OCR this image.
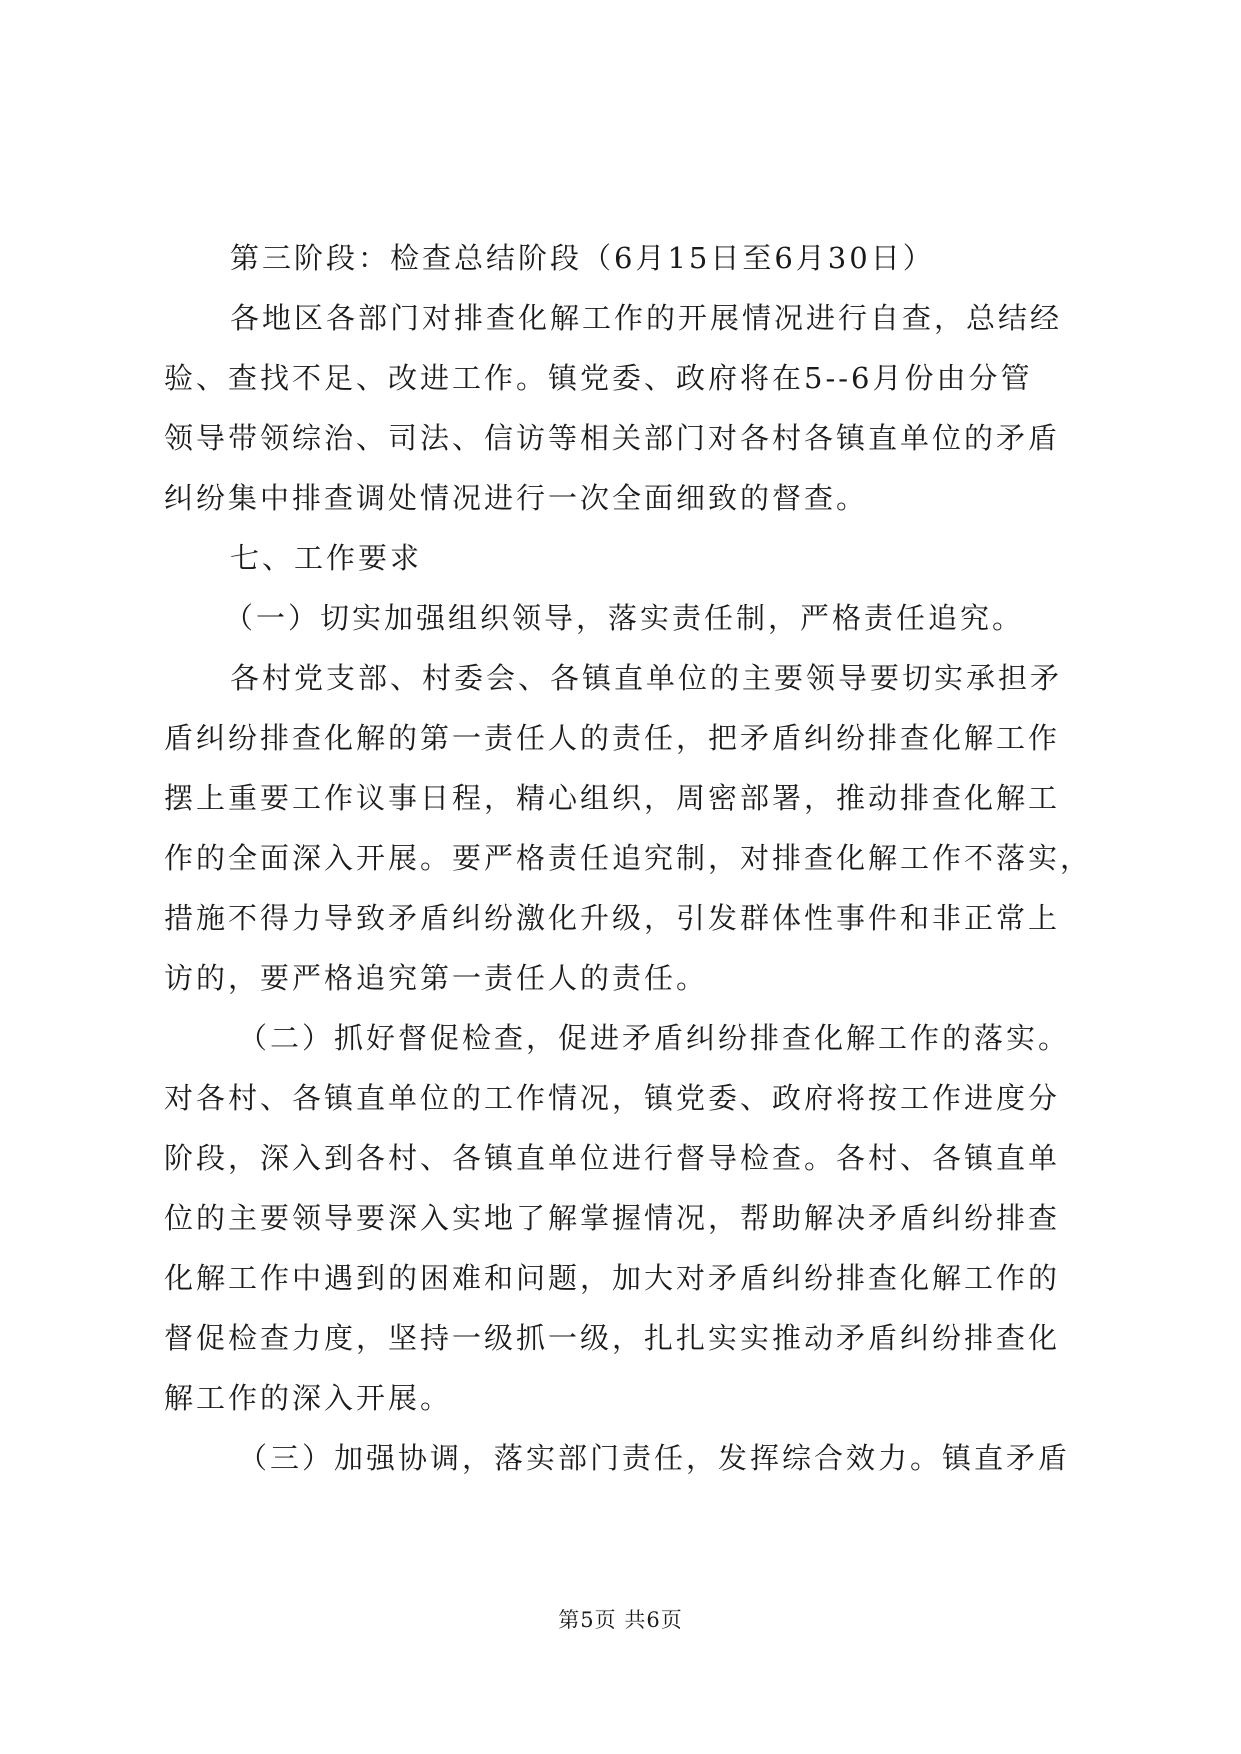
第三阶段：检查总结阶段（6月15日至6月30日）
各地区各部门对排查化解工作的开展情况进行自查，总结经
验、查找不足、改进工作。镇党委、政府将在5--6月份由分管
领导带领综治、司法、信访等相关部门对各村各镇直单位的矛盾
纠纷集中排查调处情况进行一次全面细致的督查。
七、工作要求
（一）切实加强组织领导，落实责任制，严格责任追究。
各村党支部、村委会、各镇直单位的主要领导要切实承担矛
盾纠纷排查化解的第一责任人的责任，把矛盾纠纷排查化解工作
摆上重要工作议事日程，精心组织，周密部署，推动排查化解工
作的全面深入开展。要严格责任追究制，对排查化解工作不落实，
措施不得力导致矛盾纠纷激化升级，引发群体性事件和非正常上
访的，要严格追究第一责任人的责任。
（二）抓好督促检查，促进矛盾纠纷排查化解工作的落实。
对各村、各镇直单位的工作情况，镇党委、政府将按工作进度分
阶段，深入到各村、各镇直单位进行督导检查。各村、各镇直单
位的主要领导要深入实地了解掌握情况，帮助解决矛盾纠纷排查
化解工作中遇到的困难和问题，加大对矛盾纠纷排查化解工作的
督促检查力度，坚持一级抓一级，扎扎实实推动矛盾纠纷排查化
解工作的深入开展。
（三）加强协调，落实部门责任，发挥综合效力。镇直矛盾
第5页 共6页
